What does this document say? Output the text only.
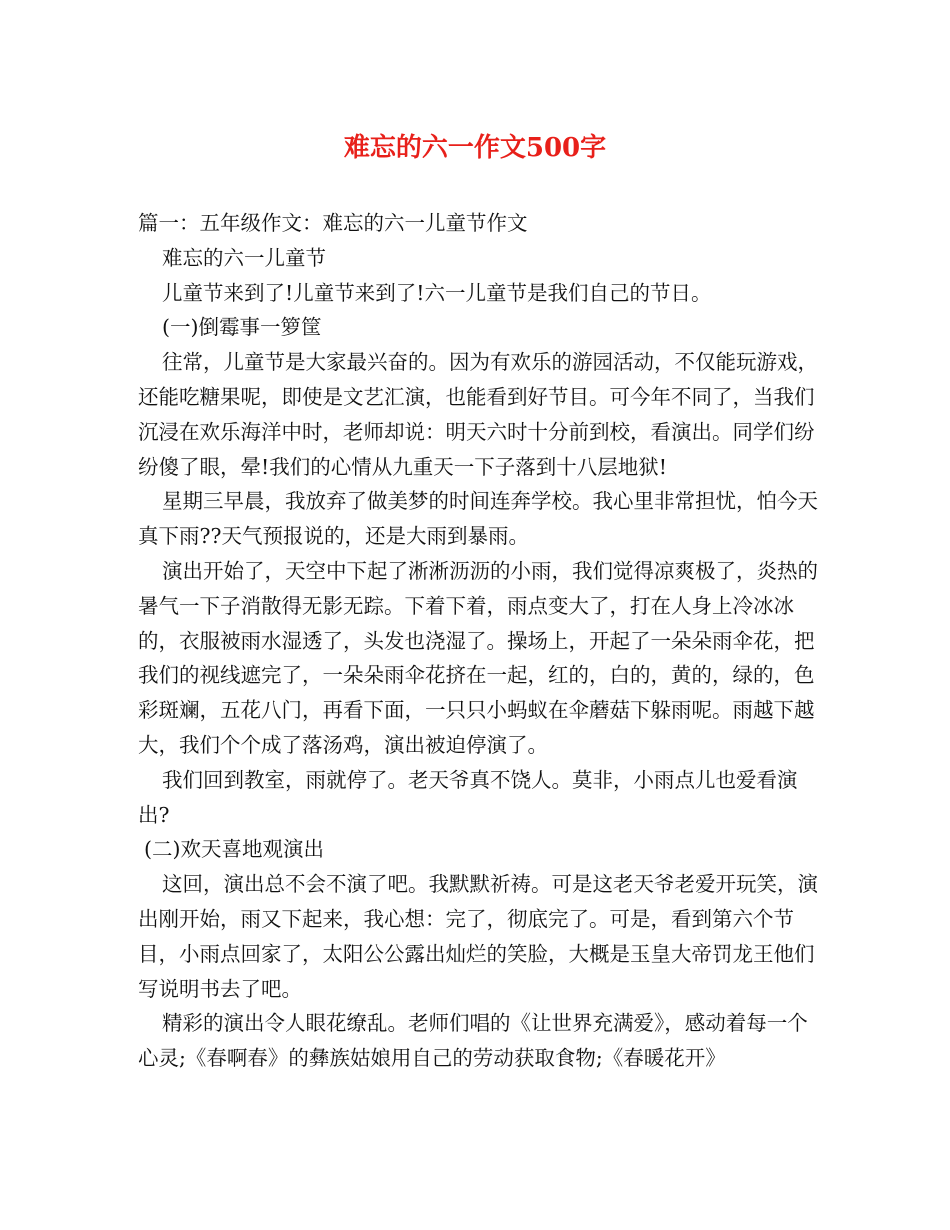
难忘的六一作文500字

篇一：五年级作文：难忘的六一儿童节作文

难忘的六一儿童节

儿童节来到了!儿童节来到了!六一儿童节是我们自己的节日。

(一)倒霉事一箩筐

往常，儿童节是大家最兴奋的。因为有欢乐的游园活动，不仅能玩游戏，还能吃糖果呢，即使是文艺汇演，也能看到好节目。可今年不同了，当我们沉浸在欢乐海洋中时，老师却说：明天六时十分前到校，看演出。同学们纷纷傻了眼，晕!我们的心情从九重天一下子落到十八层地狱!

星期三早晨，我放弃了做美梦的时间连奔学校。我心里非常担忧，怕今天真下雨??天气预报说的，还是大雨到暴雨。

演出开始了，天空中下起了淅淅沥沥的小雨，我们觉得凉爽极了，炎热的暑气一下子消散得无影无踪。下着下着，雨点变大了，打在人身上冷冰冰的，衣服被雨水湿透了，头发也浇湿了。操场上，开起了一朵朵雨伞花，把我们的视线遮完了，一朵朵雨伞花挤在一起，红的，白的，黄的，绿的，色彩斑斓，五花八门，再看下面，一只只小蚂蚁在伞蘑菇下躲雨呢。雨越下越大，我们个个成了落汤鸡，演出被迫停演了。

我们回到教室，雨就停了。老天爷真不饶人。莫非，小雨点儿也爱看演出?

(二)欢天喜地观演出

这回，演出总不会不演了吧。我默默祈祷。可是这老天爷老爱开玩笑，演出刚开始，雨又下起来，我心想：完了，彻底完了。可是，看到第六个节目，小雨点回家了，太阳公公露出灿烂的笑脸，大概是玉皇大帝罚龙王他们写说明书去了吧。

精彩的演出令人眼花缭乱。老师们唱的《让世界充满爱》，感动着每一个心灵;《春啊春》的彝族姑娘用自己的劳动获取食物;《春暖花开》
